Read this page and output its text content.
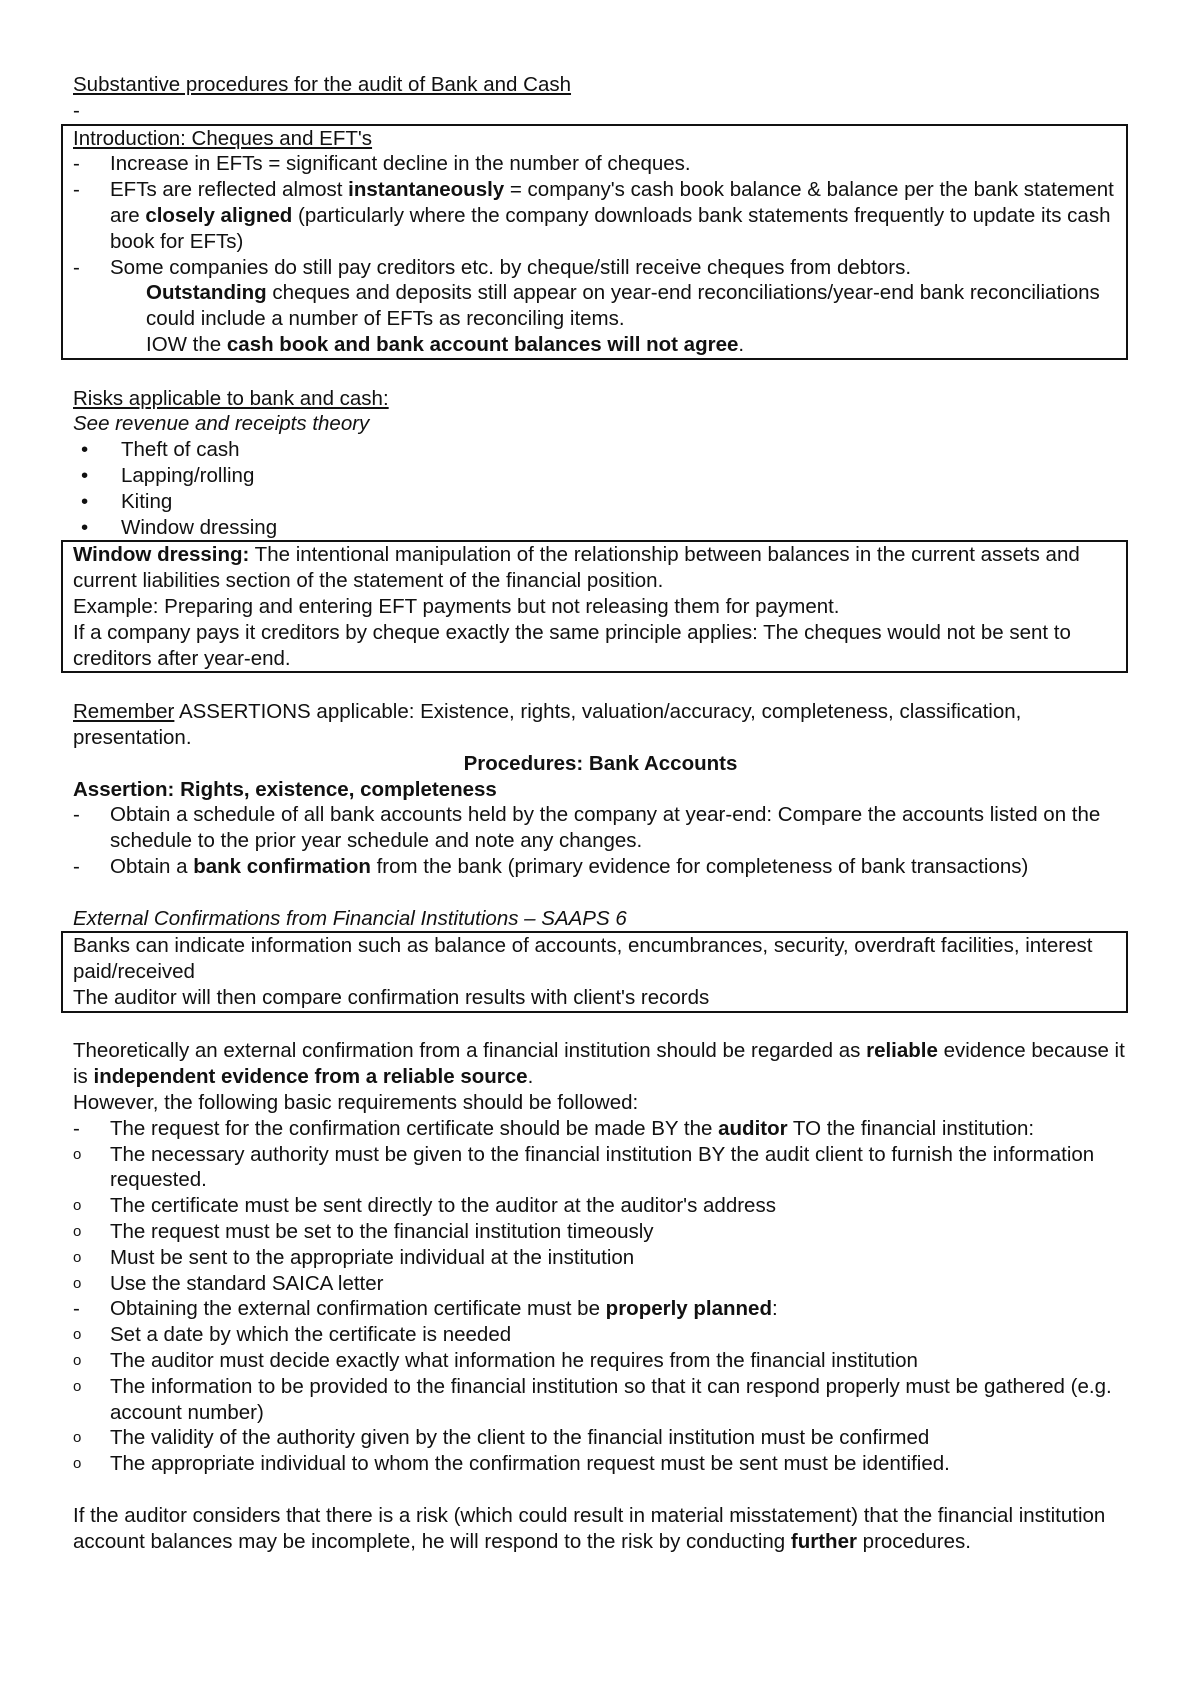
Substantive procedures for the audit of Bank and Cash

-

Introduction: Cheques and EFT's

-	Increase in EFTs = significant decline in the number of cheques.
-	EFTs are reflected almost instantaneously = company's cash book balance & balance per the bank statement are closely aligned (particularly where the company downloads bank statements frequently to update its cash book for EFTs)
-	Some companies do still pay creditors etc. by cheque/still receive cheques from debtors.

Outstanding cheques and deposits still appear on year-end reconciliations/year-end bank reconciliations could include a number of EFTs as reconciling items.

IOW the cash book and bank account balances will not agree.

Risks applicable to bank and cash:

See revenue and receipts theory

•	Theft of cash
•	Lapping/rolling
•	Kiting
•	Window dressing

Window dressing: The intentional manipulation of the relationship between balances in the current assets and current liabilities section of the statement of the financial position.

Example: Preparing and entering EFT payments but not releasing them for payment.

If a company pays it creditors by cheque exactly the same principle applies: The cheques would not be sent to creditors after year-end.

Remember ASSERTIONS applicable: Existence, rights, valuation/accuracy, completeness, classification, presentation.

Procedures: Bank Accounts

Assertion: Rights, existence, completeness

-	Obtain a schedule of all bank accounts held by the company at year-end: Compare the accounts listed on the schedule to the prior year schedule and note any changes.
-	Obtain a bank confirmation from the bank (primary evidence for completeness of bank transactions)

External Confirmations from Financial Institutions – SAAPS 6

Banks can indicate information such as balance of accounts, encumbrances, security, overdraft facilities, interest paid/received

The auditor will then compare confirmation results with client's records

Theoretically an external confirmation from a financial institution should be regarded as reliable evidence because it is independent evidence from a reliable source.

However, the following basic requirements should be followed:

-	The request for the confirmation certificate should be made BY the auditor TO the financial institution:
o	The necessary authority must be given to the financial institution BY the audit client to furnish the information requested.
o	The certificate must be sent directly to the auditor at the auditor's address
o	The request must be set to the financial institution timeously
o	Must be sent to the appropriate individual at the institution
o	Use the standard SAICA letter
-	Obtaining the external confirmation certificate must be properly planned:
o	Set a date by which the certificate is needed
o	The auditor must decide exactly what information he requires from the financial institution
o	The information to be provided to the financial institution so that it can respond properly must be gathered (e.g. account number)
o	The validity of the authority given by the client to the financial institution must be confirmed
o	The appropriate individual to whom the confirmation request must be sent must be identified.

If the auditor considers that there is a risk (which could result in material misstatement) that the financial institution account balances may be incomplete, he will respond to the risk by conducting further procedures.
